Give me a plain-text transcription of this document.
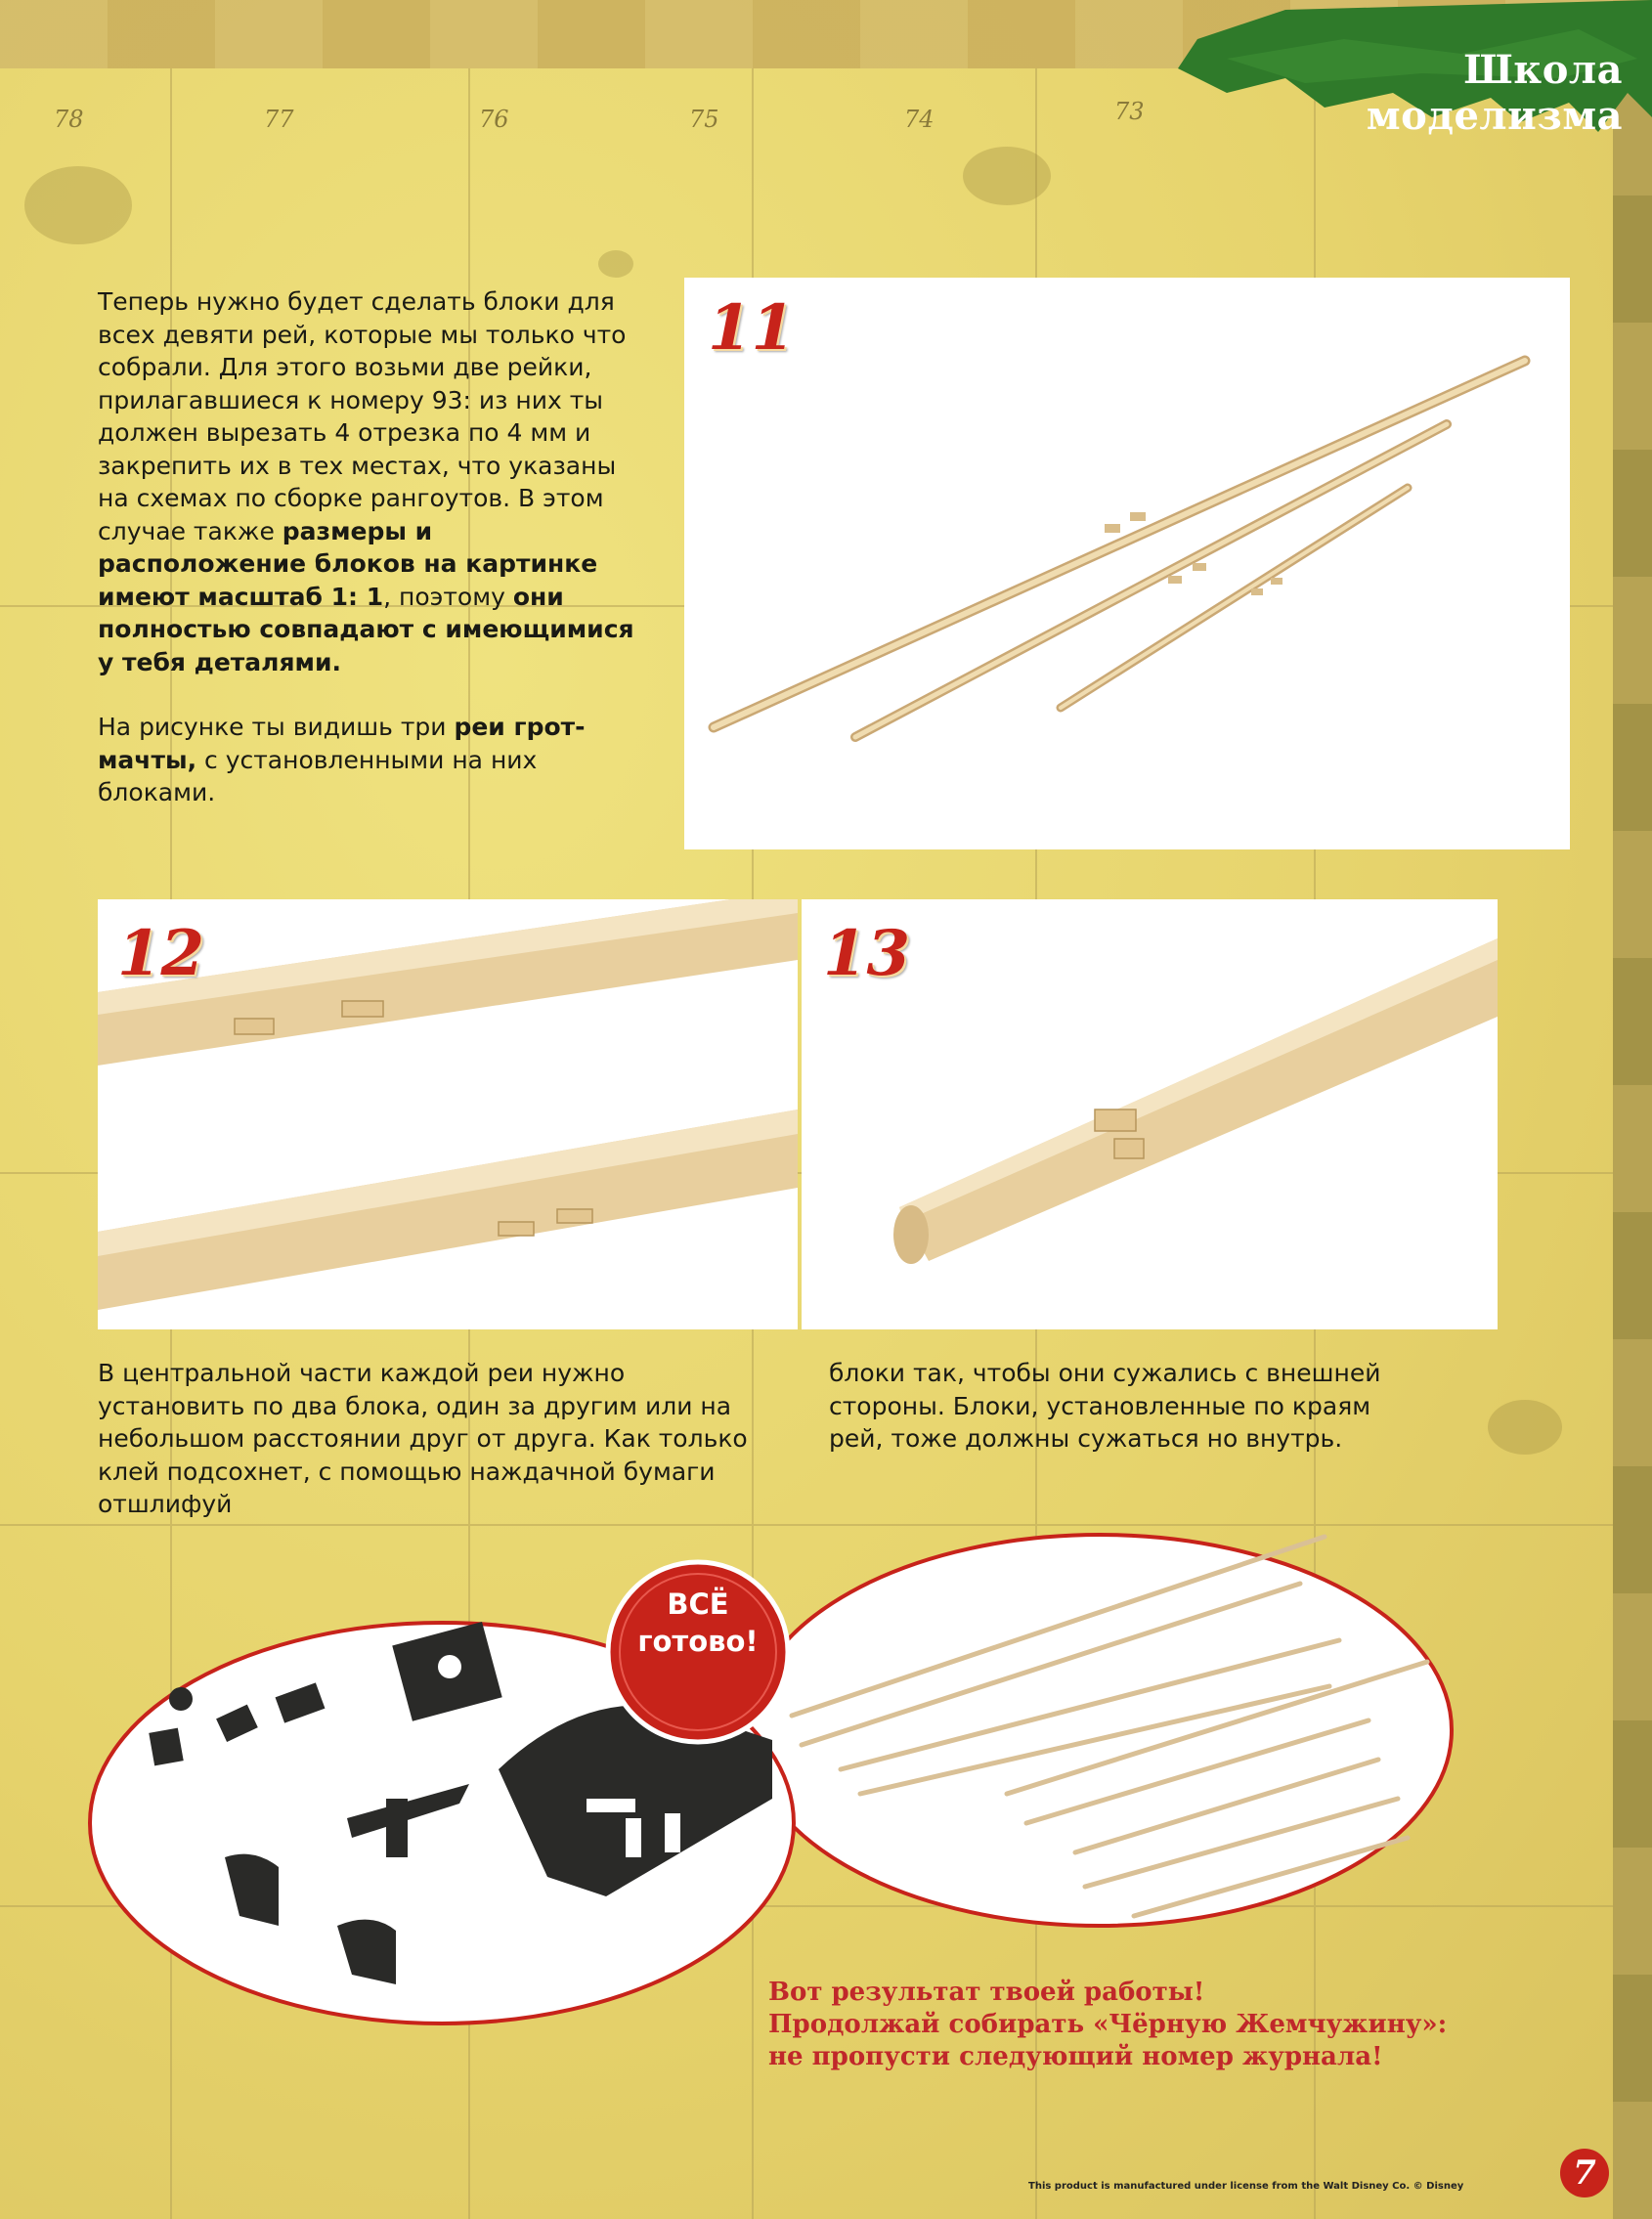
78	77	76	75	74	73
Школа моделизма
Теперь нужно будет сделать блоки для всех девяти рей, которые мы только что собрали. Для этого возьми две рейки, прилагавшиеся к номеру 93: из них ты должен вырезать 4 отрезка по 4 мм и закрепить их в тех местах, что указаны на схемах по сборке рангоутов. В этом случае также размеры и расположение блоков на картинке имеют масштаб 1: 1, поэтому они полностью совпадают с имеющимися у тебя деталями.
На рисунке ты видишь три реи грот-мачты, с установленными на них блоками.
11
12	13
В центральной части каждой реи нужно установить по два блока, один за другим или на небольшом расстоянии друг от друга. Как только клей подсохнет, с помощью наждачной бумаги отшлифуй
блоки так, чтобы они сужались с внешней стороны. Блоки, установленные по краям рей, тоже должны сужаться но внутрь.
ВСЁ
готово!
Вот результат твоей работы!
Продолжай собирать «Чёрную Жемчужину»:
не пропусти следующий номер журнала!
This product is manufactured under license from the Walt Disney Co. © Disney	7
